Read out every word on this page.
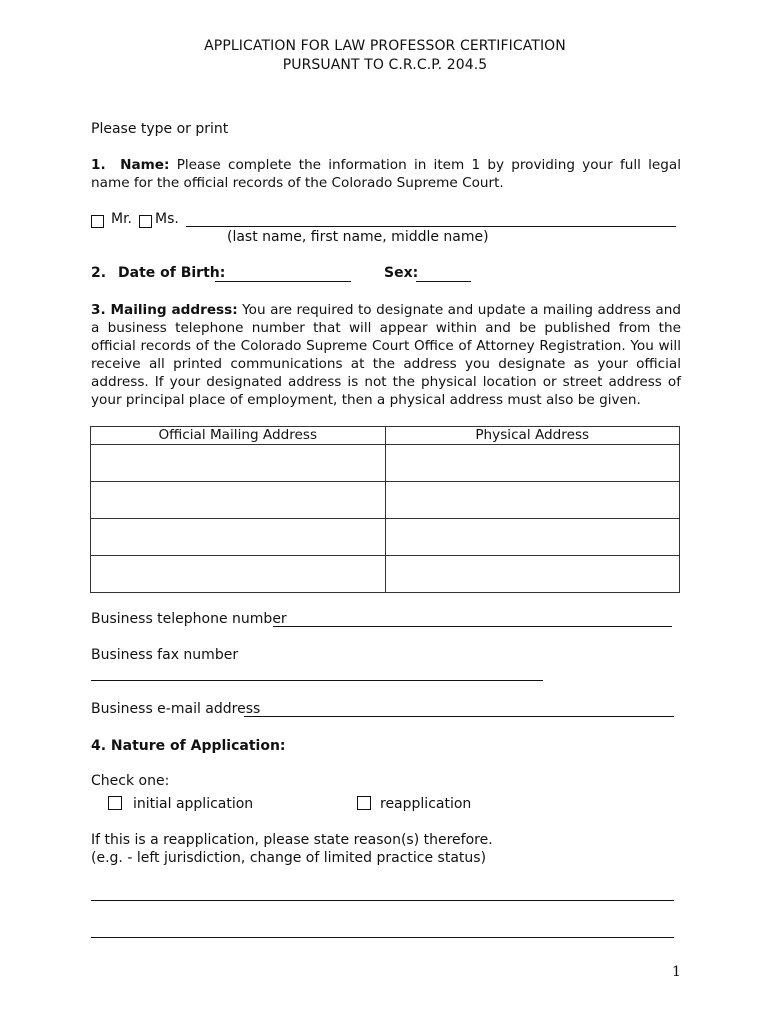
APPLICATION FOR LAW PROFESSOR CERTIFICATION
PURSUANT TO C.R.C.P. 204.5
Please type or print
1. Name: Please complete the information in item 1 by providing your full legal name for the official records of the Colorado Supreme Court.
Mr. Ms.
(last name, first name, middle name)
2. Date of Birth:	Sex:
3. Mailing address: You are required to designate and update a mailing address and a business telephone number that will appear within and be published from the official records of the Colorado Supreme Court Office of Attorney Registration. You will receive all printed communications at the address you designate as your official address. If your designated address is not the physical location or street address of your principal place of employment, then a physical address must also be given.
Official Mailing Address	Physical Address

Business telephone number
Business fax number
Business e-mail address
4. Nature of Application:
Check one:
initial application	reapplication
If this is a reapplication, please state reason(s) therefore.
(e.g. - left jurisdiction, change of limited practice status)
1
